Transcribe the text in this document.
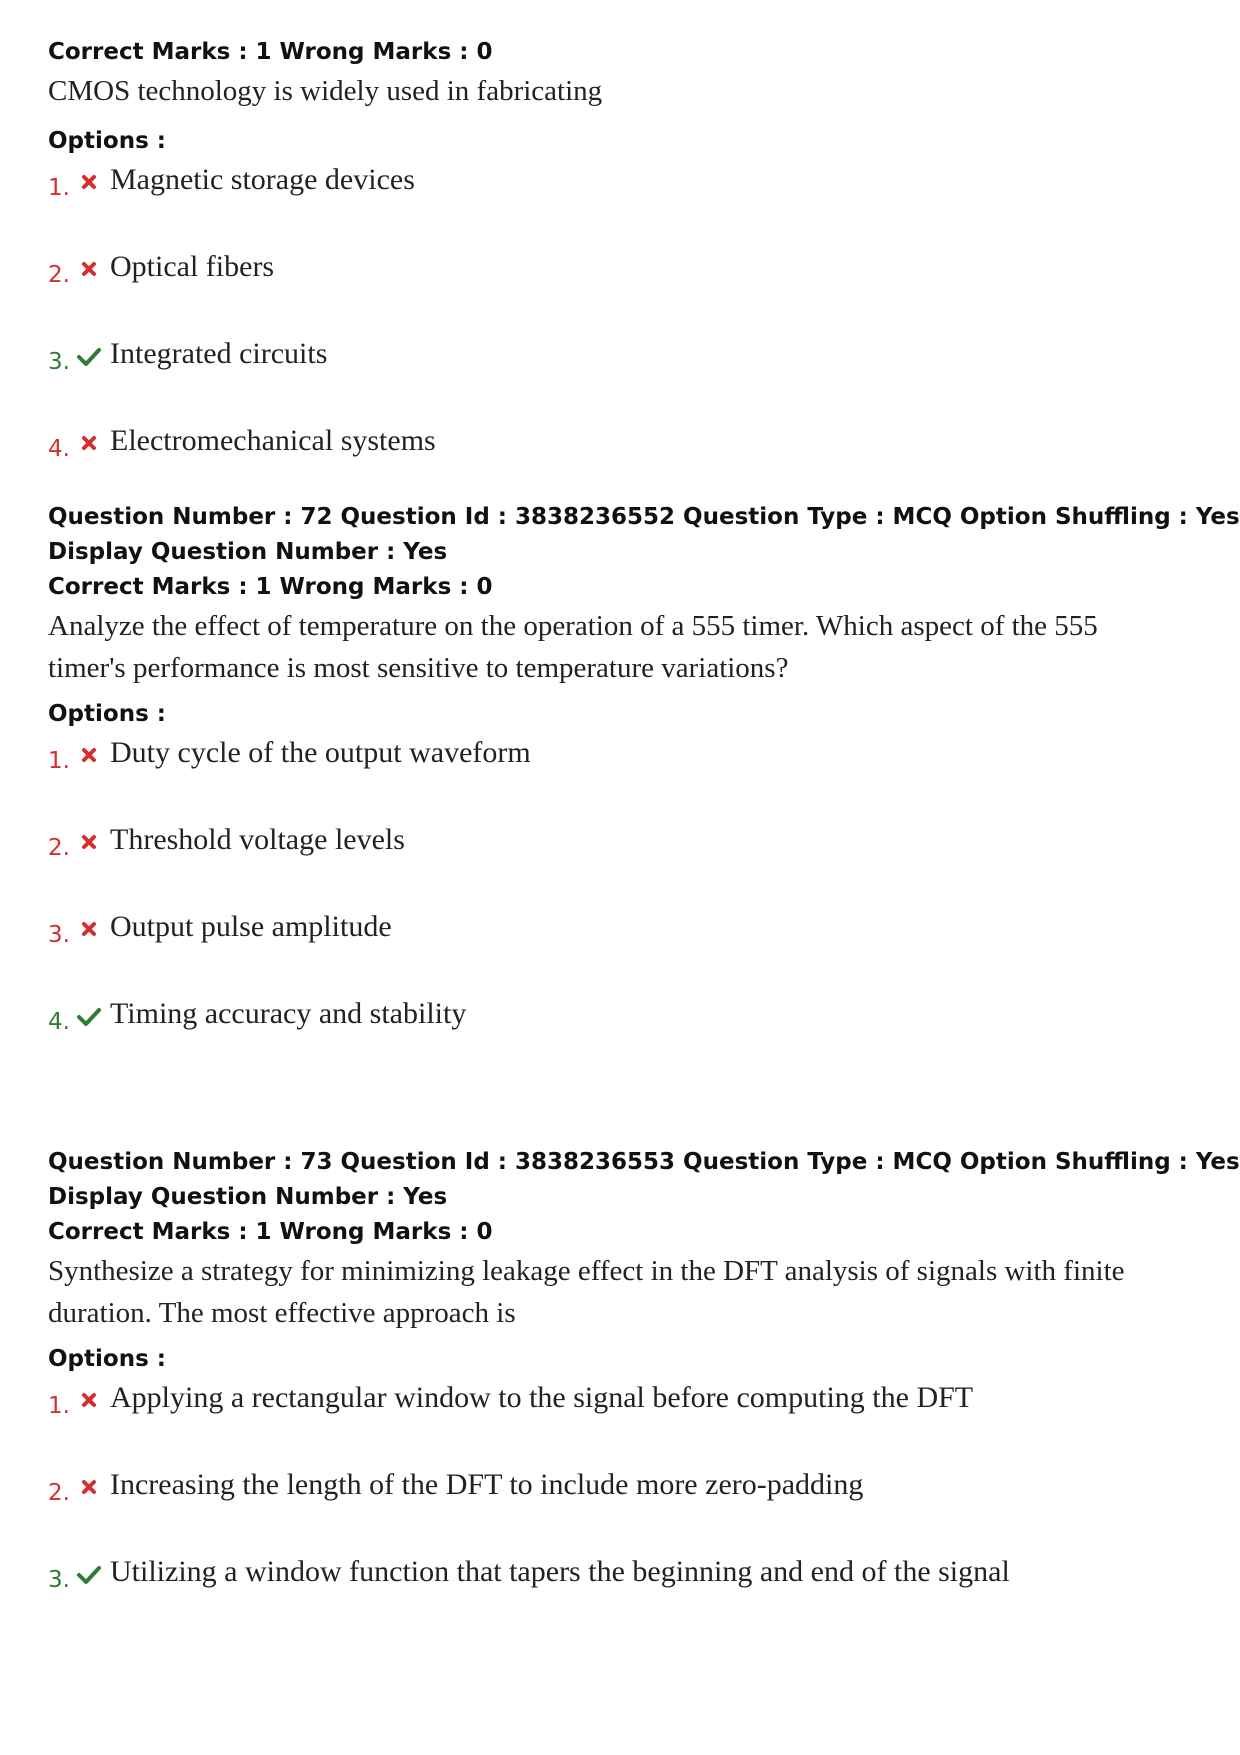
Correct Marks : 1 Wrong Marks : 0
CMOS technology is widely used in fabricating
Options :
1. Magnetic storage devices
2. Optical fibers
3. Integrated circuits
4. Electromechanical systems
Question Number : 72 Question Id : 3838236552 Question Type : MCQ Option Shuffling : Yes
Display Question Number : Yes
Correct Marks : 1 Wrong Marks : 0
Analyze the effect of temperature on the operation of a 555 timer. Which aspect of the 555
timer's performance is most sensitive to temperature variations?
Options :
1. Duty cycle of the output waveform
2. Threshold voltage levels
3. Output pulse amplitude
4. Timing accuracy and stability
Question Number : 73 Question Id : 3838236553 Question Type : MCQ Option Shuffling : Yes
Display Question Number : Yes
Correct Marks : 1 Wrong Marks : 0
Synthesize a strategy for minimizing leakage effect in the DFT analysis of signals with finite
duration. The most effective approach is
Options :
1. Applying a rectangular window to the signal before computing the DFT
2. Increasing the length of the DFT to include more zero-padding
3. Utilizing a window function that tapers the beginning and end of the signal
